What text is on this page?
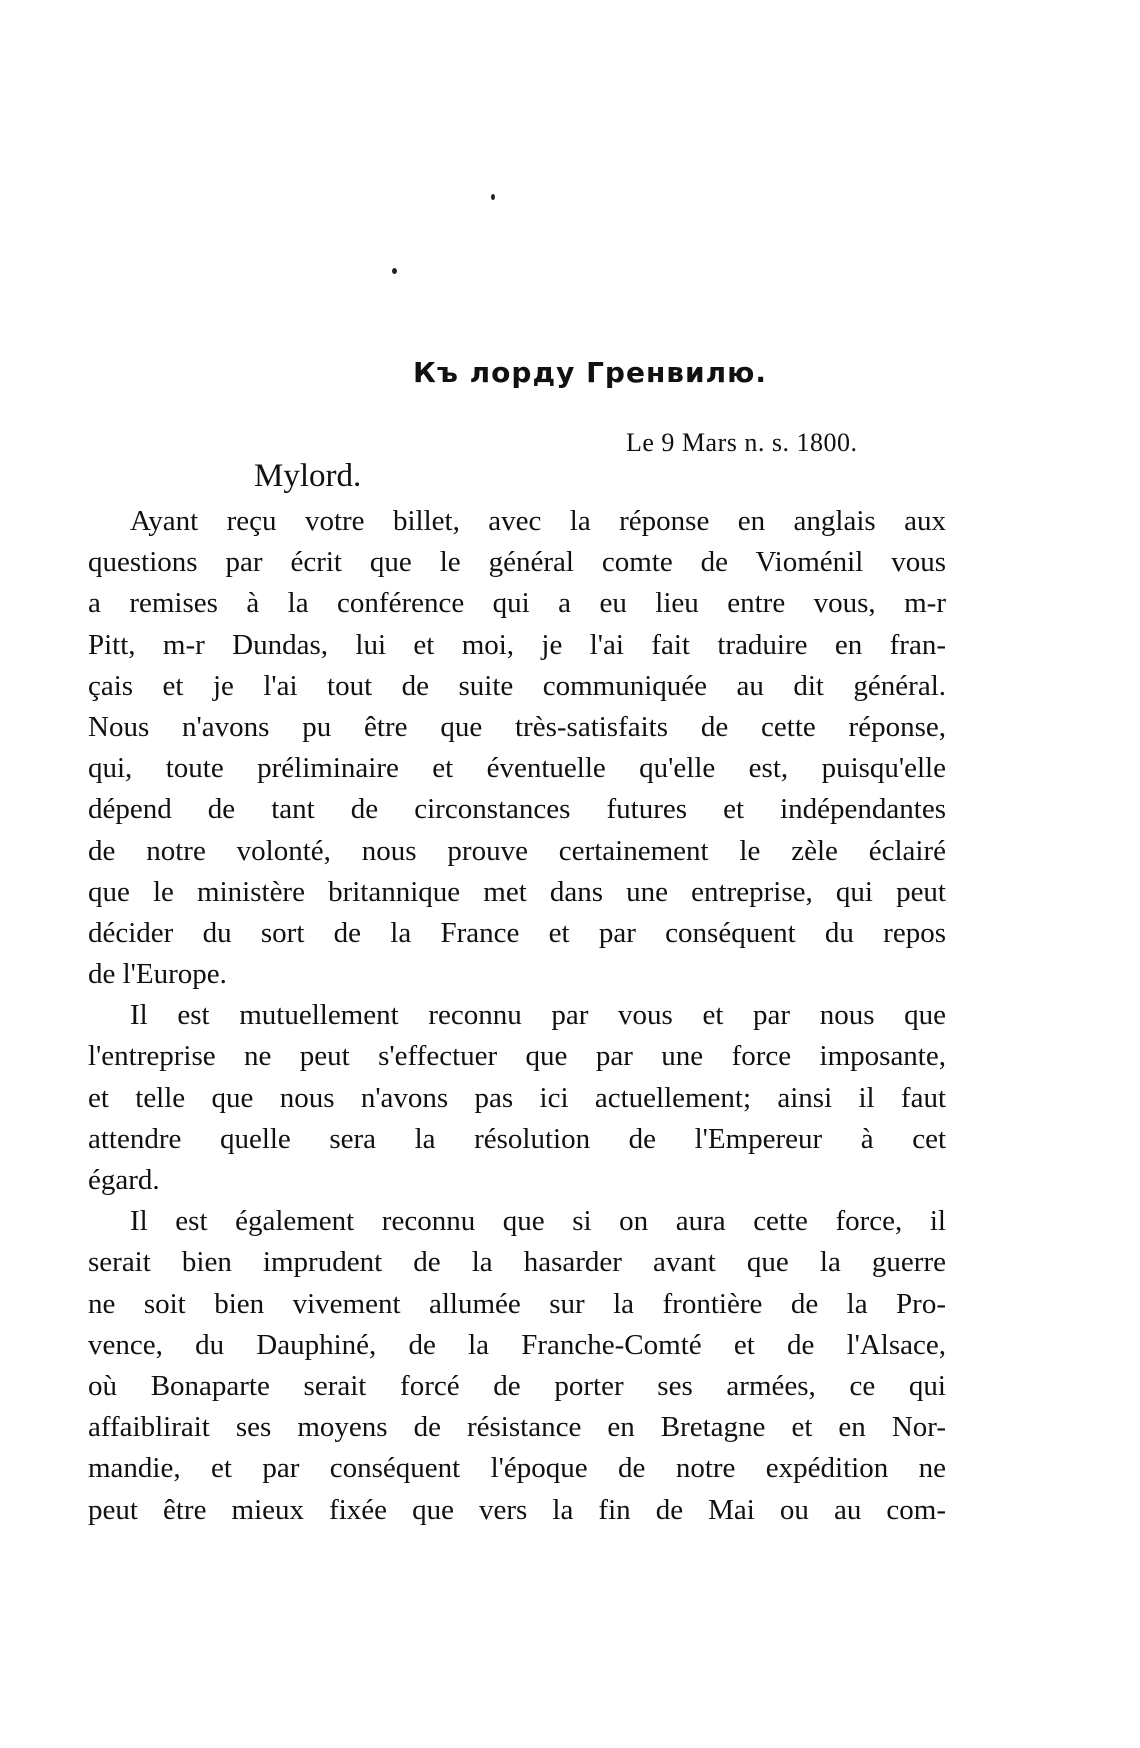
Къ лорду Гренвилю.
Le 9 Mars n. s. 1800.
Mylord.
Ayant reçu votre billet, avec la réponse en anglais aux
questions par écrit que le général comte de Vioménil vous
a remises à la conférence qui a eu lieu entre vous, m-r
Pitt, m-r Dundas, lui et moi, je l'ai fait traduire en fran-
çais et je l'ai tout de suite communiquée au dit général.
Nous n'avons pu être que très-satisfaits de cette réponse,
qui, toute préliminaire et éventuelle qu'elle est, puisqu'elle
dépend de tant de circonstances futures et indépendantes
de notre volonté, nous prouve certainement le zèle éclairé
que le ministère britannique met dans une entreprise, qui peut
décider du sort de la France et par conséquent du repos
de l'Europe.
Il est mutuellement reconnu par vous et par nous que
l'entreprise ne peut s'effectuer que par une force imposante,
et telle que nous n'avons pas ici actuellement; ainsi il faut
attendre quelle sera la résolution de l'Empereur à cet
égard.
Il est également reconnu que si on aura cette force, il
serait bien imprudent de la hasarder avant que la guerre
ne soit bien vivement allumée sur la frontière de la Pro-
vence, du Dauphiné, de la Franche-Comté et de l'Alsace,
où Bonaparte serait forcé de porter ses armées, ce qui
affaiblirait ses moyens de résistance en Bretagne et en Nor-
mandie, et par conséquent l'époque de notre expédition ne
peut être mieux fixée que vers la fin de Mai ou au com-
